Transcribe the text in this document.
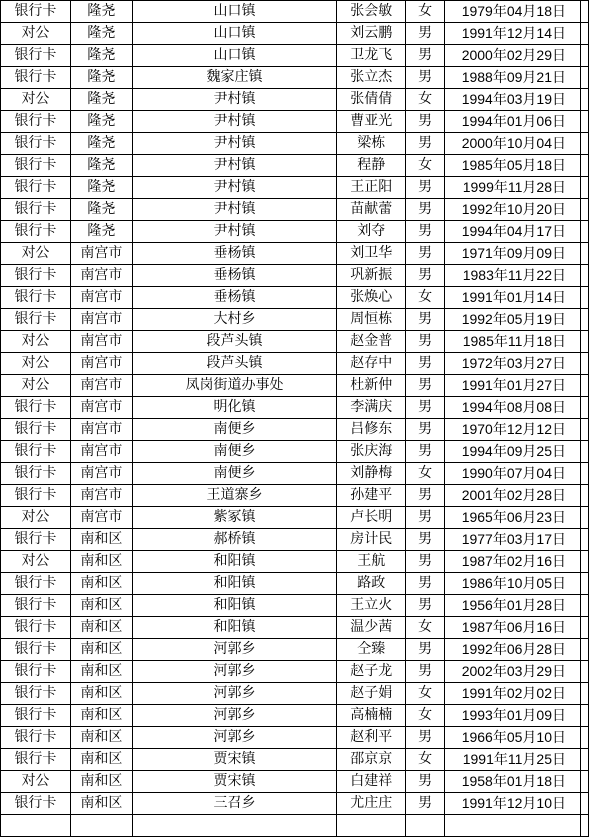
银行卡	隆尧	山口镇	张会敏	女	1979年04月18日	
对公	隆尧	山口镇	刘云鹏	男	1991年12月14日	
银行卡	隆尧	山口镇	卫龙飞	男	2000年02月29日	
银行卡	隆尧	魏家庄镇	张立杰	男	1988年09月21日	
对公	隆尧	尹村镇	张倩倩	女	1994年03月19日	
银行卡	隆尧	尹村镇	曹亚光	男	1994年01月06日	
银行卡	隆尧	尹村镇	梁栋	男	2000年10月04日	
银行卡	隆尧	尹村镇	程静	女	1985年05月18日	
银行卡	隆尧	尹村镇	王正阳	男	1999年11月28日	
银行卡	隆尧	尹村镇	苗献蕾	男	1992年10月20日	
银行卡	隆尧	尹村镇	刘夺	男	1994年04月17日	
对公	南宫市	垂杨镇	刘卫华	男	1971年09月09日	
银行卡	南宫市	垂杨镇	巩新振	男	1983年11月22日	
银行卡	南宫市	垂杨镇	张焕心	女	1991年01月14日	
银行卡	南宫市	大村乡	周恒栋	男	1992年05月19日	
对公	南宫市	段芦头镇	赵金普	男	1985年11月18日	
对公	南宫市	段芦头镇	赵存中	男	1972年03月27日	
对公	南宫市	凤岗街道办事处	杜新仲	男	1991年01月27日	
银行卡	南宫市	明化镇	李满庆	男	1994年08月08日	
银行卡	南宫市	南便乡	吕修东	男	1970年12月12日	
银行卡	南宫市	南便乡	张庆海	男	1994年09月25日	
银行卡	南宫市	南便乡	刘静梅	女	1990年07月04日	
银行卡	南宫市	王道寨乡	孙建平	男	2001年02月28日	
对公	南宫市	紫冢镇	卢长明	男	1965年06月23日	
银行卡	南和区	郝桥镇	房计民	男	1977年03月17日	
对公	南和区	和阳镇	王航	男	1987年02月16日	
银行卡	南和区	和阳镇	路政	男	1986年10月05日	
银行卡	南和区	和阳镇	王立火	男	1956年01月28日	
银行卡	南和区	和阳镇	温少茜	女	1987年06月16日	
银行卡	南和区	河郭乡	仝臻	男	1992年06月28日	
银行卡	南和区	河郭乡	赵子龙	男	2002年03月29日	
银行卡	南和区	河郭乡	赵子娟	女	1991年02月02日	
银行卡	南和区	河郭乡	高楠楠	女	1993年01月09日	
银行卡	南和区	河郭乡	赵利平	男	1966年05月10日	
银行卡	南和区	贾宋镇	邵京京	女	1991年11月25日	
对公	南和区	贾宋镇	白建祥	男	1958年01月18日	
银行卡	南和区	三召乡	尤庄庄	男	1991年12月10日	
